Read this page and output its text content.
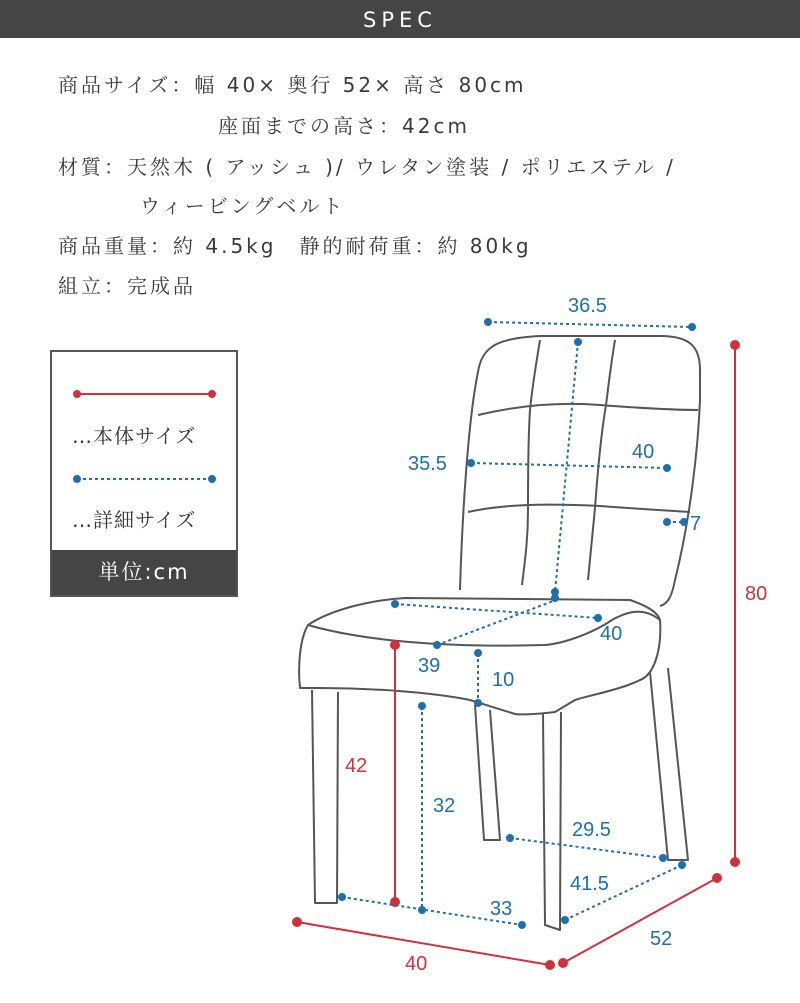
SPEC
商品サイズ：幅 40× 奥行 52× 高さ 80cm
座面までの高さ：42cm
材質：天然木 ( アッシュ )/ ウレタン塗装 / ポリエステル /
ウィービングベルト
商品重量：約 4.5kg　静的耐荷重：約 80kg
組立：完成品
…本体サイズ
…詳細サイズ
単位:cm
80
40
52
42
36.5
35.5
40
7
40
39
10
32
29.5
41.5
33
